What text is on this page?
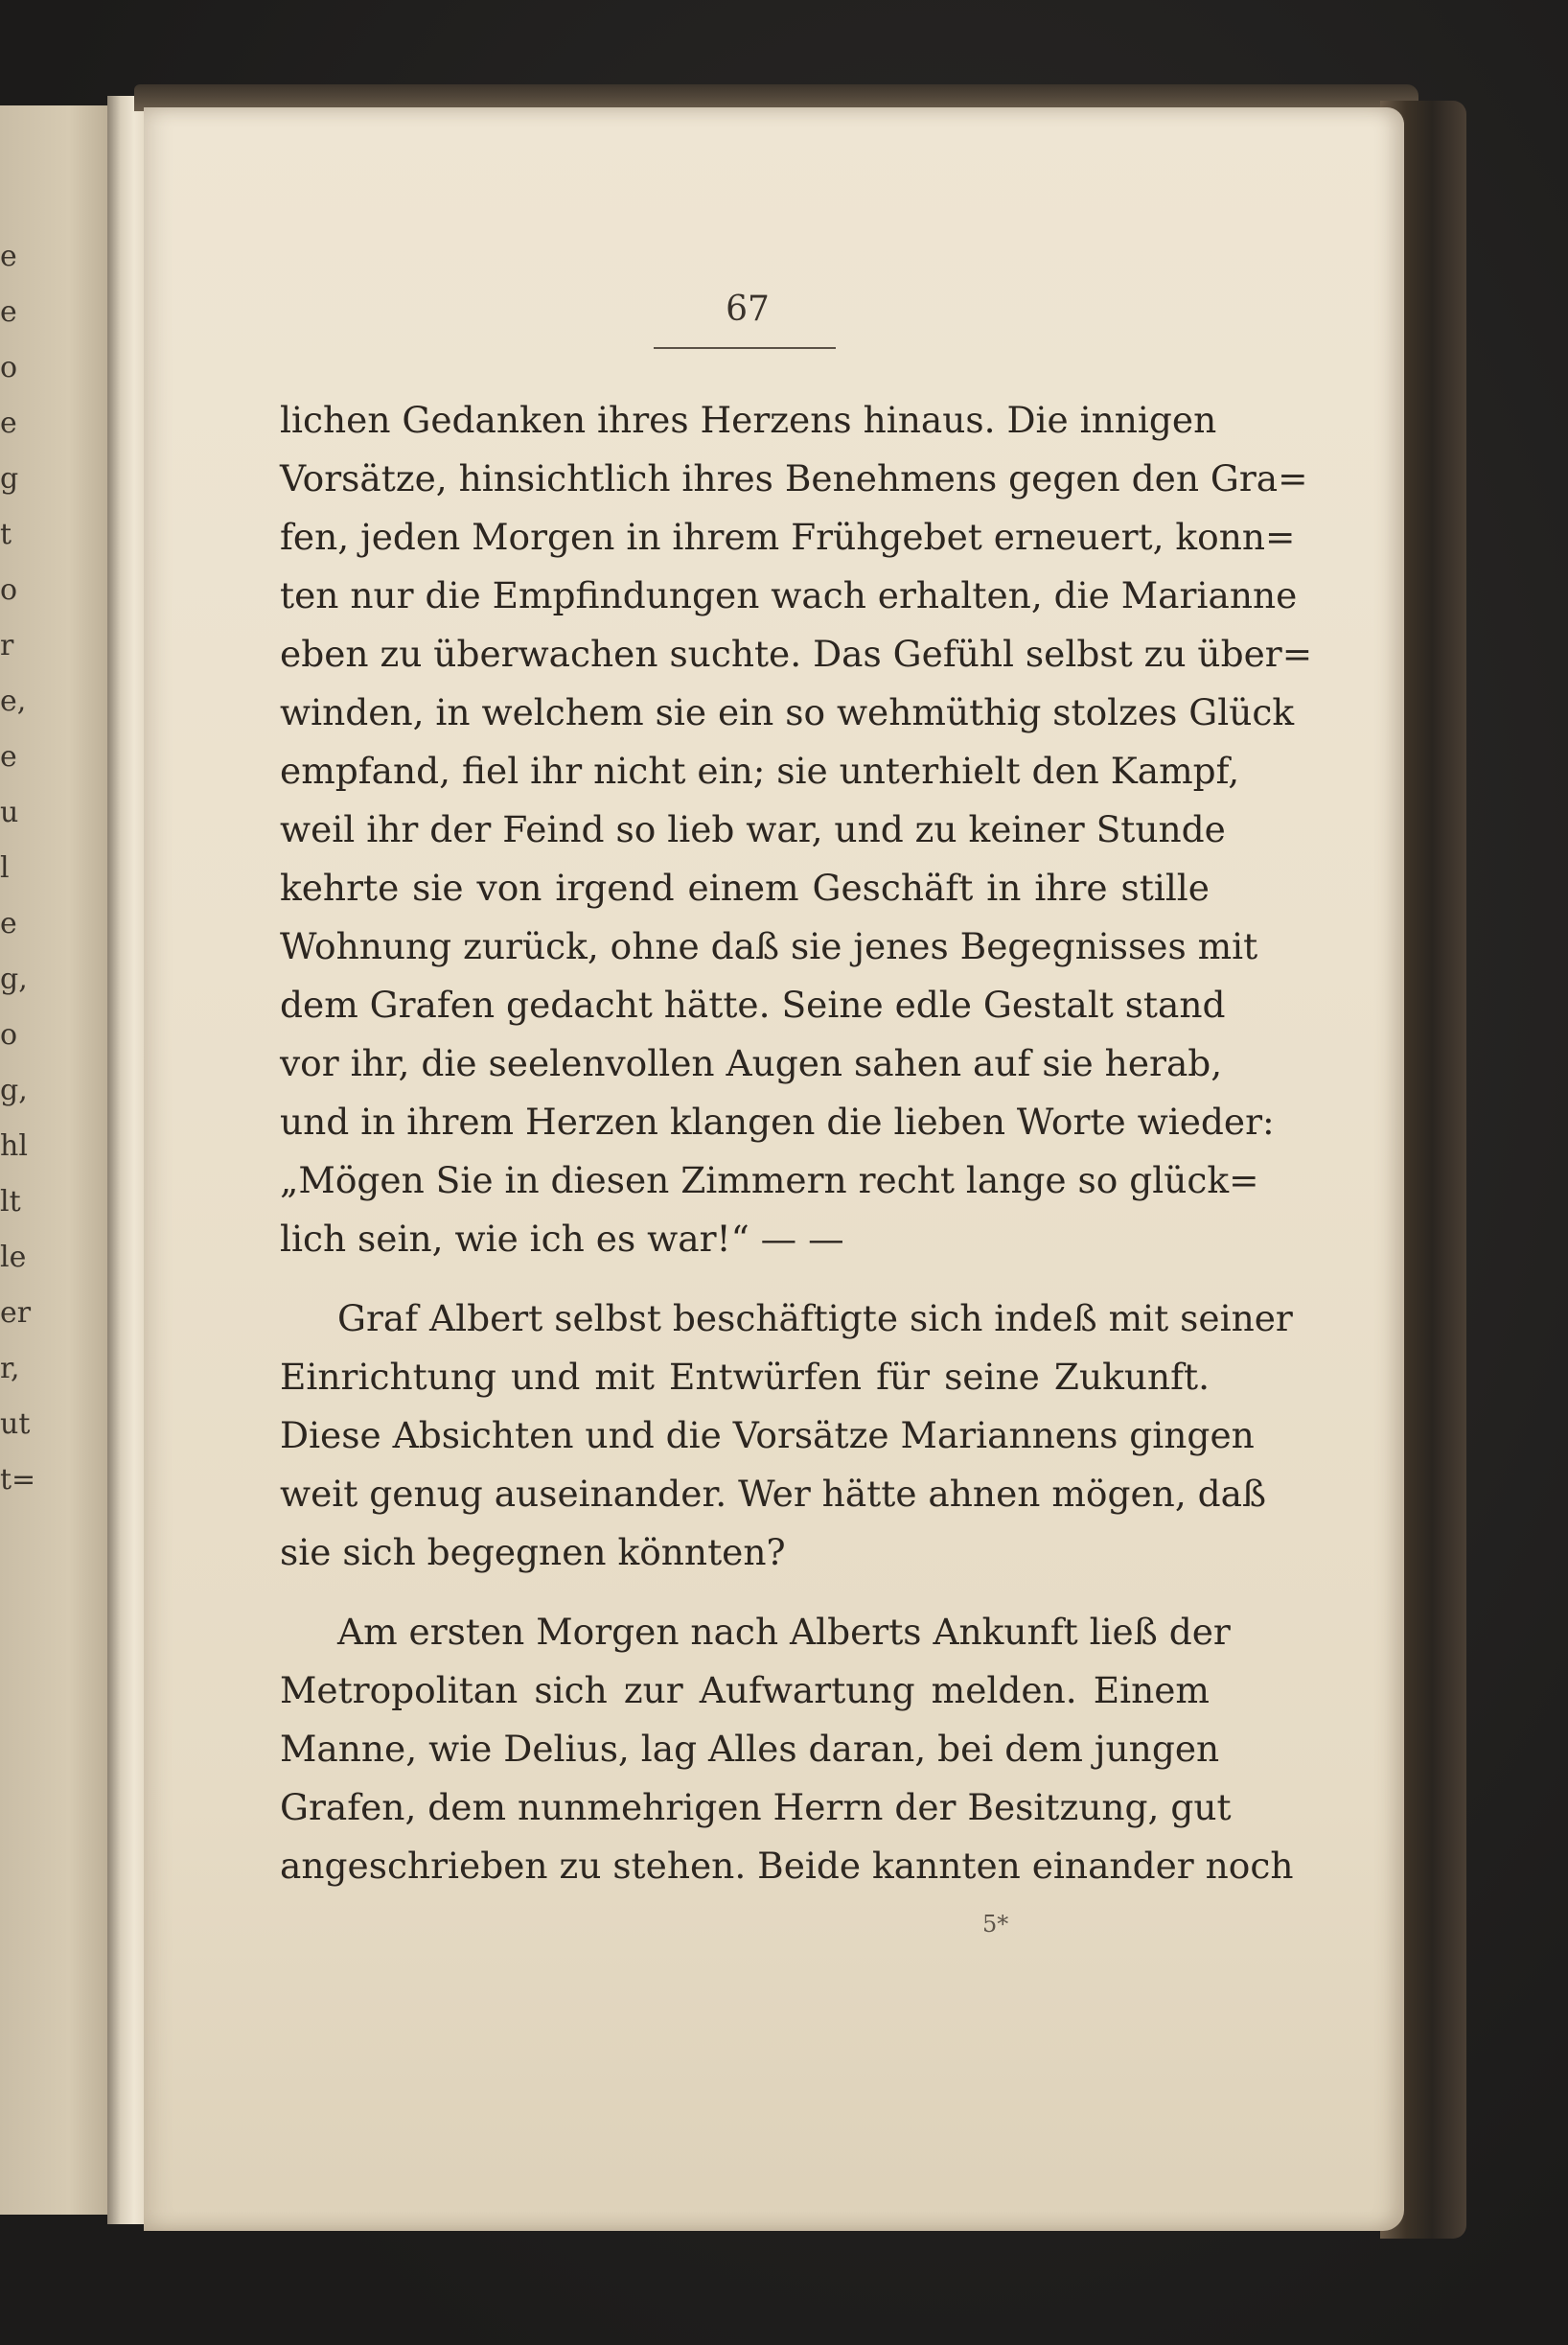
e
e
o
e
g
t
o
r
e,
e
u
l
e
g,
o
g,
hl
lt
le
er
r,
ut
t=
67
lichen Gedanken ihres Herzens hinaus. Die innigen
Vorsätze, hinsichtlich ihres Benehmens gegen den Gra=
fen, jeden Morgen in ihrem Frühgebet erneuert, konn=
ten nur die Empfindungen wach erhalten, die Marianne
eben zu überwachen suchte. Das Gefühl selbst zu über=
winden, in welchem sie ein so wehmüthig stolzes Glück
empfand, fiel ihr nicht ein; sie unterhielt den Kampf,
weil ihr der Feind so lieb war, und zu keiner Stunde
kehrte sie von irgend einem Geschäft in ihre stille
Wohnung zurück, ohne daß sie jenes Begegnisses mit
dem Grafen gedacht hätte. Seine edle Gestalt stand
vor ihr, die seelenvollen Augen sahen auf sie herab,
und in ihrem Herzen klangen die lieben Worte wieder:
„Mögen Sie in diesen Zimmern recht lange so glück=
lich sein, wie ich es war!“ — —
Graf Albert selbst beschäftigte sich indeß mit seiner
Einrichtung und mit Entwürfen für seine Zukunft.
Diese Absichten und die Vorsätze Mariannens gingen
weit genug auseinander. Wer hätte ahnen mögen, daß
sie sich begegnen könnten?
Am ersten Morgen nach Alberts Ankunft ließ der
Metropolitan sich zur Aufwartung melden. Einem
Manne, wie Delius, lag Alles daran, bei dem jungen
Grafen, dem nunmehrigen Herrn der Besitzung, gut
angeschrieben zu stehen. Beide kannten einander noch
5*
